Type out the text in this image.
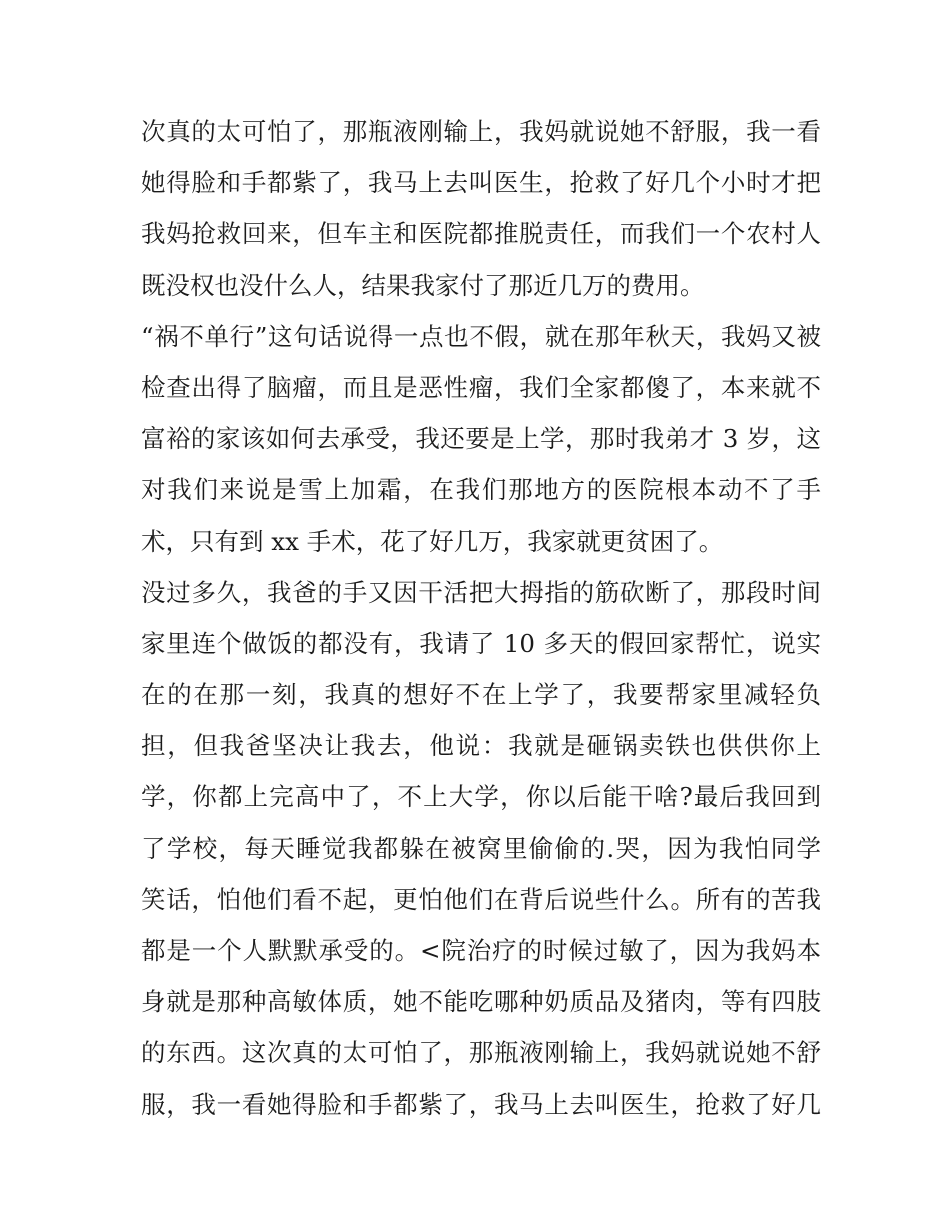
次真的太可怕了，那瓶液刚输上，我妈就说她不舒服，我一看
她得脸和手都紫了，我马上去叫医生，抢救了好几个小时才把
我妈抢救回来，但车主和医院都推脱责任，而我们一个农村人
既没权也没什么人，结果我家付了那近几万的费用。
“祸不单行”这句话说得一点也不假，就在那年秋天，我妈又被
检查出得了脑瘤，而且是恶性瘤，我们全家都傻了，本来就不
富裕的家该如何去承受，我还要是上学，那时我弟才 3 岁，这
对我们来说是雪上加霜，在我们那地方的医院根本动不了手
术，只有到 xx 手术，花了好几万，我家就更贫困了。
没过多久，我爸的手又因干活把大拇指的筋砍断了，那段时间
家里连个做饭的都没有，我请了 10 多天的假回家帮忙，说实
在的在那一刻，我真的想好不在上学了，我要帮家里减轻负
担，但我爸坚决让我去，他说：我就是砸锅卖铁也供供你上
学，你都上完高中了，不上大学，你以后能干啥?最后我回到
了学校，每天睡觉我都躲在被窝里偷偷的.哭，因为我怕同学
笑话，怕他们看不起，更怕他们在背后说些什么。所有的苦我
都是一个人默默承受的。<院治疗的时候过敏了，因为我妈本
身就是那种高敏体质，她不能吃哪种奶质品及猪肉，等有四肢
的东西。这次真的太可怕了，那瓶液刚输上，我妈就说她不舒
服，我一看她得脸和手都紫了，我马上去叫医生，抢救了好几
